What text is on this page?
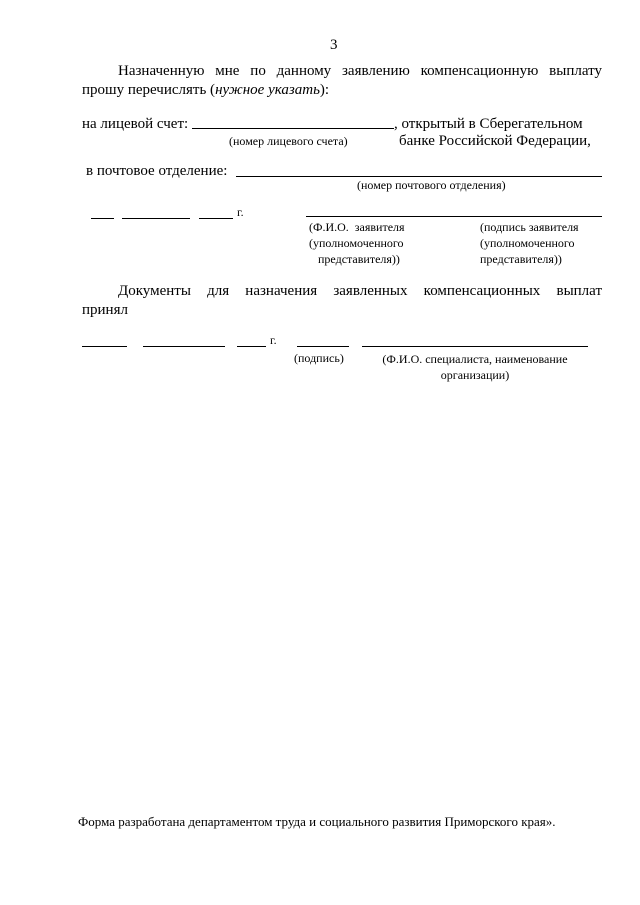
3
Назначенную мне по данному заявлению компенсационную выплату
прошу перечислять (нужное указать):
на лицевой счет:	, открытый в Сберегательном
(номер лицевого счета)	банке Российской Федерации,
в почтовое отделение:
(номер почтового отделения)
г.
(Ф.И.О.  заявителя
(уполномоченного
представителя))
(подпись заявителя
(уполномоченного
представителя))
Документы для назначения заявленных компенсационных выплат
принял
г.
(подпись)	(Ф.И.О. специалиста, наименование
организации)
Форма разработана департаментом труда и социального развития Приморского края».
